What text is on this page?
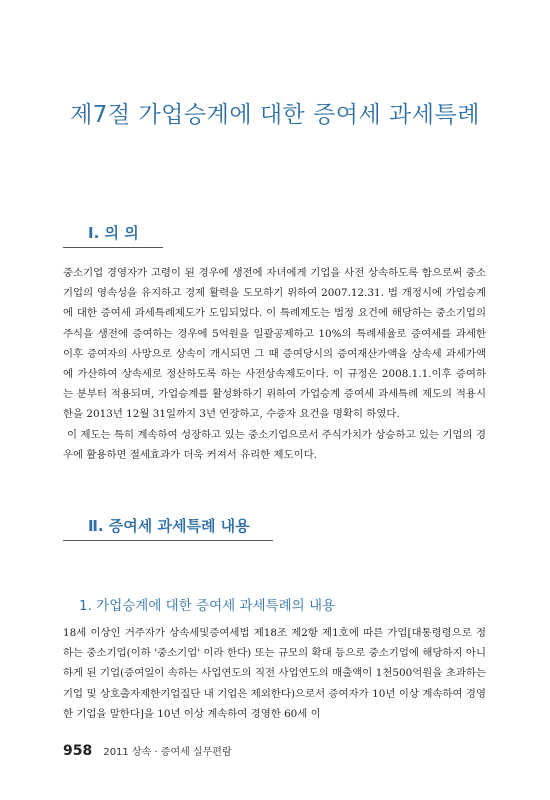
제7절 가업승계에 대한 증여세 과세특례
Ⅰ. 의 의

중소기업 경영자가 고령이 된 경우에 생전에 자녀에게 기업을 사전 상속하도록 함으로써 중소기업의 영속성을 유지하고 경제 활력을 도모하기 위하여 2007.12.31. 법 개정시에 가업승계에 대한 증여세 과세특례제도가 도입되었다. 이 특례제도는 법정 요건에 해당하는 중소기업의 주식을 생전에 증여하는 경우에 5억원을 일괄공제하고 10%의 특례세율로 증여세를 과세한 이후 증여자의 사망으로 상속이 개시되면 그 때 증여당시의 증여재산가액을 상속세 과세가액에 가산하여 상속세로 정산하도록 하는 사전상속제도이다. 이 규정은 2008.1.1.이후 증여하는 분부터 적용되며, 가업승계를 활성화하기 위하여 가업승계 증여세 과세특례 제도의 적용시한을 2013년 12월 31일까지 3년 연장하고, 수증자 요건을 명확히 하였다.

이 제도는 특히 계속하여 성장하고 있는 중소기업으로서 주식가치가 상승하고 있는 기업의 경우에 활용하면 절세효과가 더욱 커져서 유리한 제도이다.

Ⅱ. 증여세 과세특례 내용
1. 가업승계에 대한 증여세 과세특례의 내용

18세 이상인 거주자가 상속세및증여세법 제18조 제2항 제1호에 따른 가업[대통령령으로 정하는 중소기업(이하 '중소기업' 이라 한다) 또는 규모의 확대 등으로 중소기업에 해당하지 아니하게 된 기업(증여일이 속하는 사업연도의 직전 사업연도의 매출액이 1천500억원을 초과하는 기업 및 상호출자제한기업집단 내 기업은 제외한다)으로서 증여자가 10년 이상 계속하여 경영한 기업을 말한다]을 10년 이상 계속하여 경영한 60세 이

958 2011 상속 · 증여세 실무편람
